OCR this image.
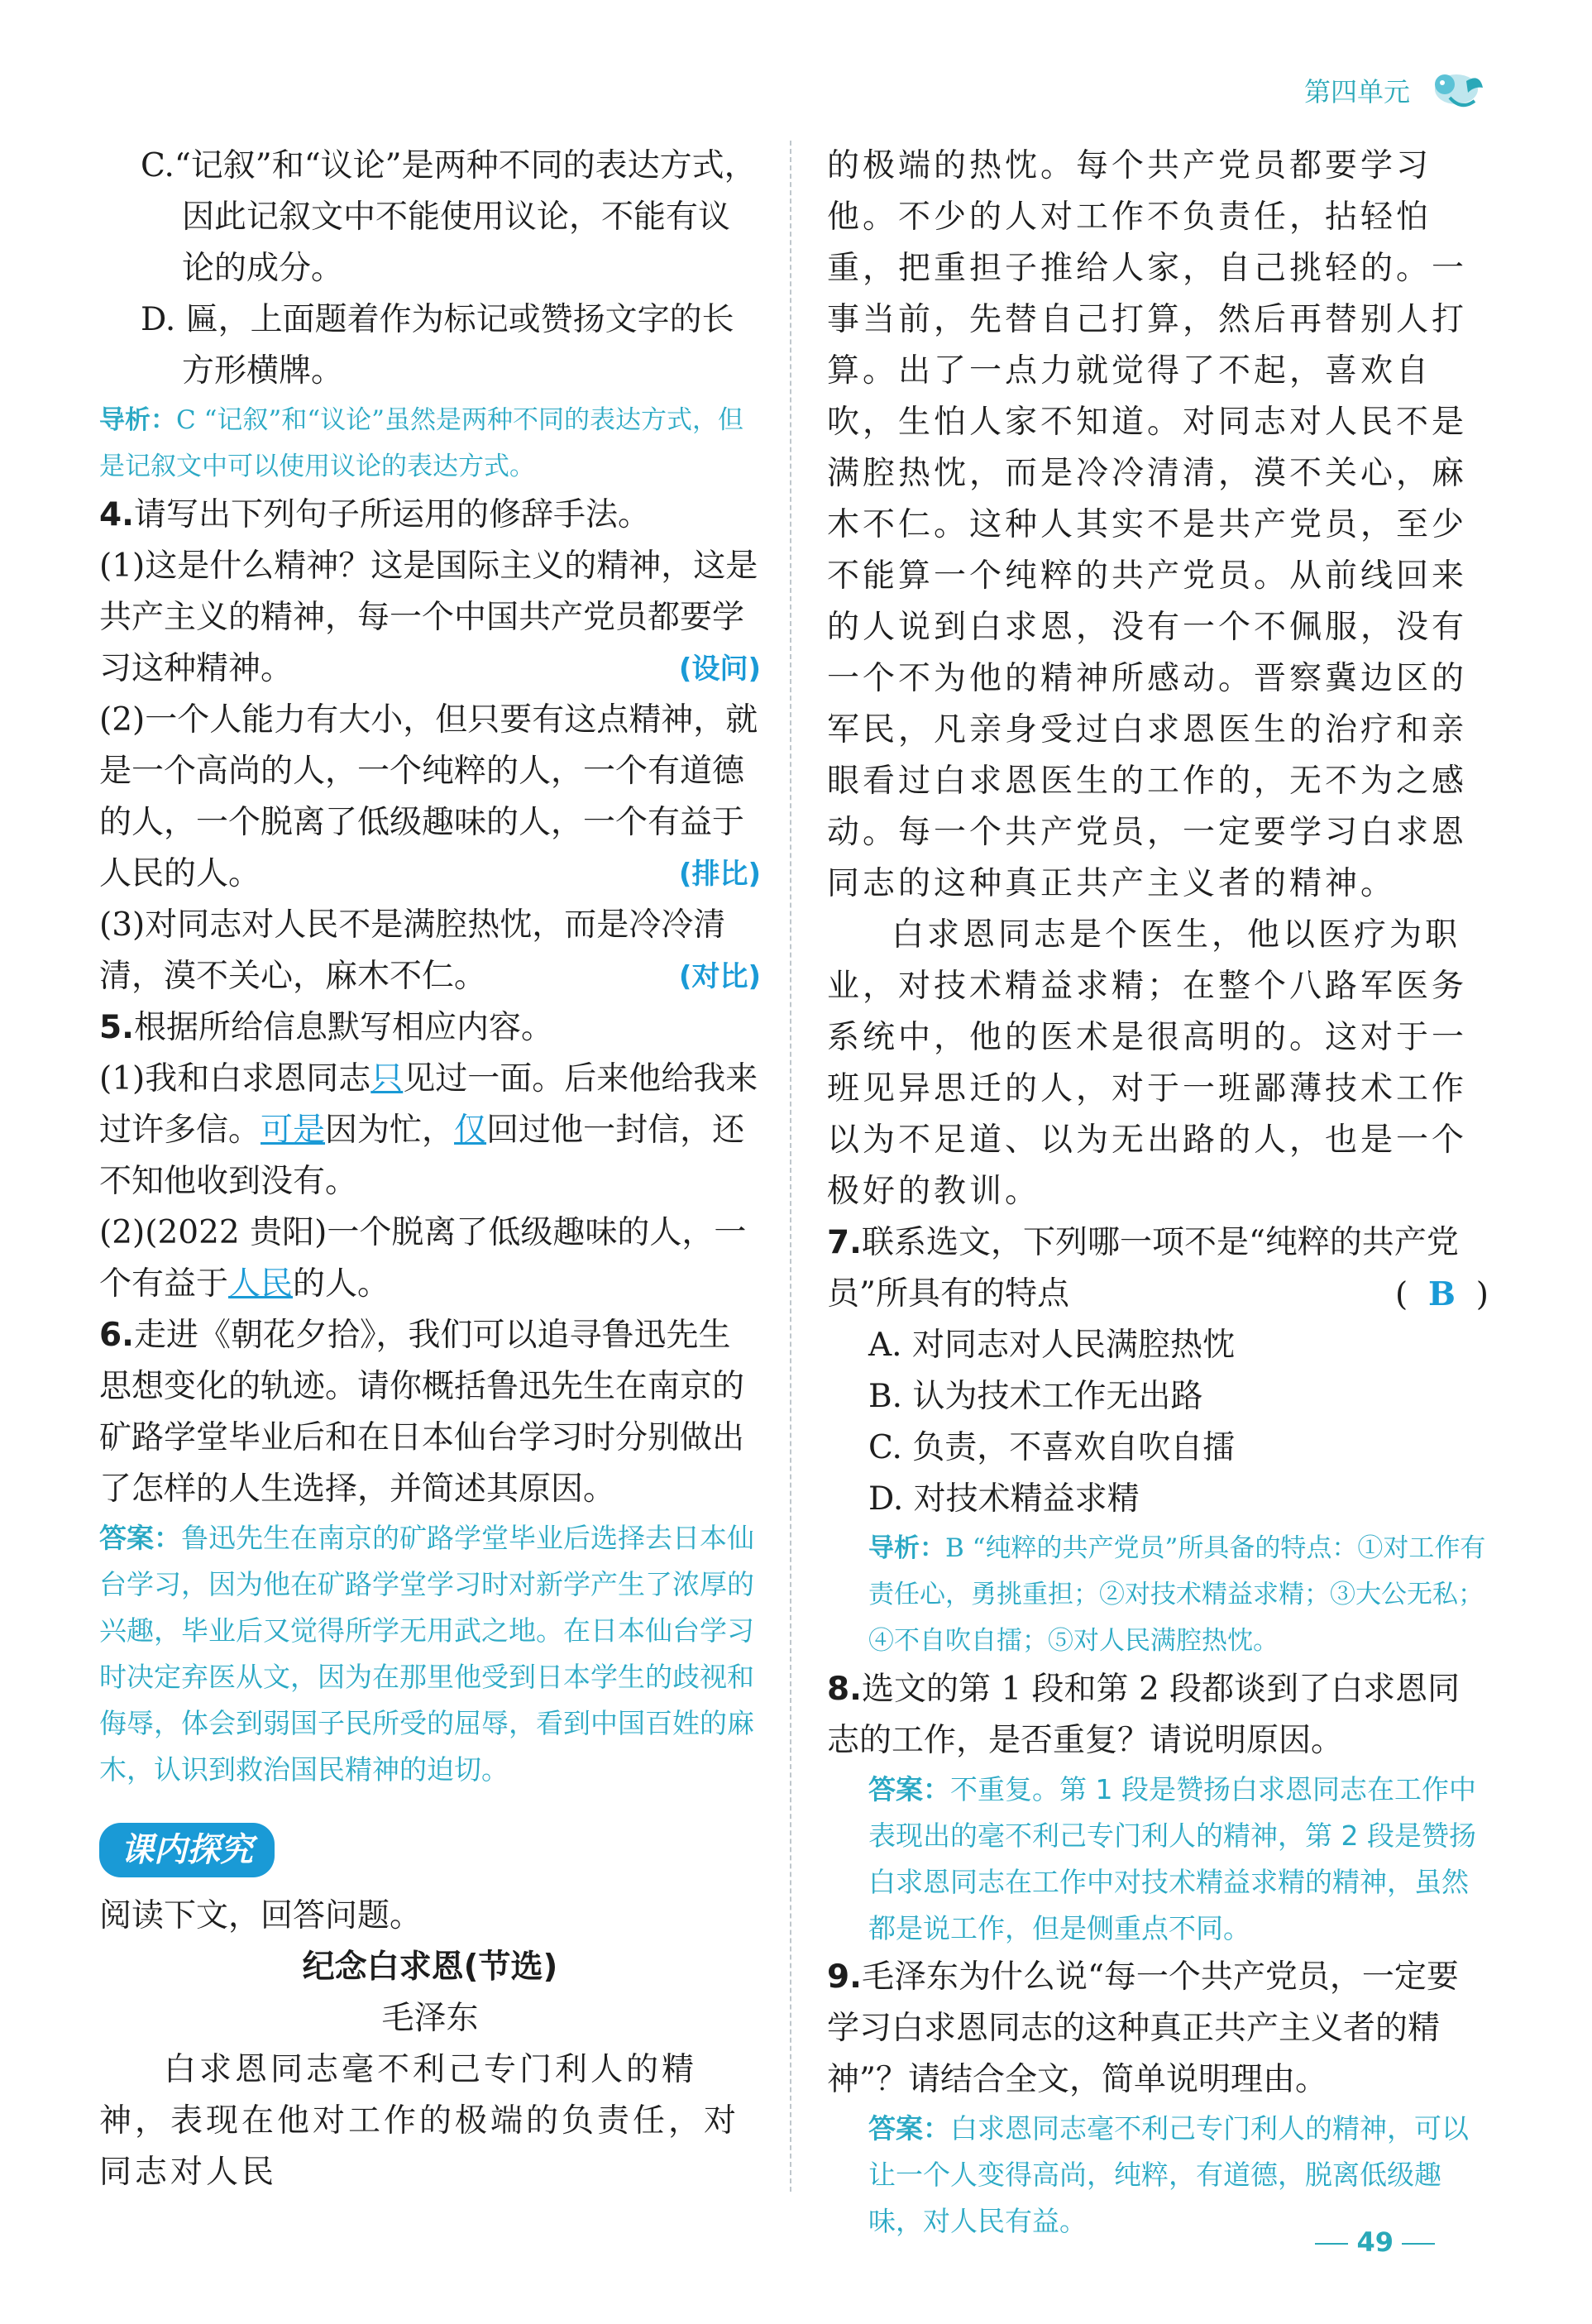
第四单元

C.“记叙”和“议论”是两种不同的表达方式，因此记叙文中不能使用议论，不能有议论的成分。

D. 匾，上面题着作为标记或赞扬文字的长方形横牌。

导析：C “记叙”和“议论”虽然是两种不同的表达方式，但是记叙文中可以使用议论的表达方式。

4.请写出下列句子所运用的修辞手法。

(1)这是什么精神？这是国际主义的精神，这是共产主义的精神，每一个中国共产党员都要学习这种精神。	(设问)

(2)一个人能力有大小，但只要有这点精神，就是一个高尚的人，一个纯粹的人，一个有道德的人，一个脱离了低级趣味的人，一个有益于人民的人。	(排比)

(3)对同志对人民不是满腔热忱，而是冷冷清清，漠不关心，麻木不仁。	(对比)

5.根据所给信息默写相应内容。

(1)我和白求恩同志只见过一面。后来他给我来过许多信。可是因为忙，仅回过他一封信，还不知他收到没有。

(2)(2022 贵阳)一个脱离了低级趣味的人，一个有益于人民的人。

6.走进《朝花夕拾》，我们可以追寻鲁迅先生思想变化的轨迹。请你概括鲁迅先生在南京的矿路学堂毕业后和在日本仙台学习时分别做出了怎样的人生选择，并简述其原因。

答案：鲁迅先生在南京的矿路学堂毕业后选择去日本仙台学习，因为他在矿路学堂学习时对新学产生了浓厚的兴趣，毕业后又觉得所学无用武之地。在日本仙台学习时决定弃医从文，因为在那里他受到日本学生的歧视和侮辱，体会到弱国子民所受的屈辱，看到中国百姓的麻木，认识到救治国民精神的迫切。

课内探究

阅读下文，回答问题。

纪念白求恩(节选)

毛泽东

白求恩同志毫不利己专门利人的精神，表现在他对工作的极端的负责任，对同志对人民

的极端的热忱。每个共产党员都要学习他。不少的人对工作不负责任，拈轻怕重，把重担子推给人家，自己挑轻的。一事当前，先替自己打算，然后再替别人打算。出了一点力就觉得了不起，喜欢自吹，生怕人家不知道。对同志对人民不是满腔热忱，而是冷冷清清，漠不关心，麻木不仁。这种人其实不是共产党员，至少不能算一个纯粹的共产党员。从前线回来的人说到白求恩，没有一个不佩服，没有一个不为他的精神所感动。晋察冀边区的军民，凡亲身受过白求恩医生的治疗和亲眼看过白求恩医生的工作的，无不为之感动。每一个共产党员，一定要学习白求恩同志的这种真正共产主义者的精神。

白求恩同志是个医生，他以医疗为职业，对技术精益求精；在整个八路军医务系统中，他的医术是很高明的。这对于一班见异思迁的人，对于一班鄙薄技术工作以为不足道、以为无出路的人，也是一个极好的教训。

7.联系选文，下列哪一项不是“纯粹的共产党员”所具有的特点	(  B  )

A. 对同志对人民满腔热忱

B. 认为技术工作无出路

C. 负责，不喜欢自吹自擂

D. 对技术精益求精

导析：B “纯粹的共产党员”所具备的特点：①对工作有责任心，勇挑重担；②对技术精益求精；③大公无私；④不自吹自擂；⑤对人民满腔热忱。

8.选文的第 1 段和第 2 段都谈到了白求恩同志的工作，是否重复？请说明原因。

答案：不重复。第 1 段是赞扬白求恩同志在工作中表现出的毫不利己专门利人的精神，第 2 段是赞扬白求恩同志在工作中对技术精益求精的精神，虽然都是说工作，但是侧重点不同。

9.毛泽东为什么说“每一个共产党员，一定要学习白求恩同志的这种真正共产主义者的精神”？请结合全文，简单说明理由。

答案：白求恩同志毫不利己专门利人的精神，可以让一个人变得高尚，纯粹，有道德，脱离低级趣味，对人民有益。

49
